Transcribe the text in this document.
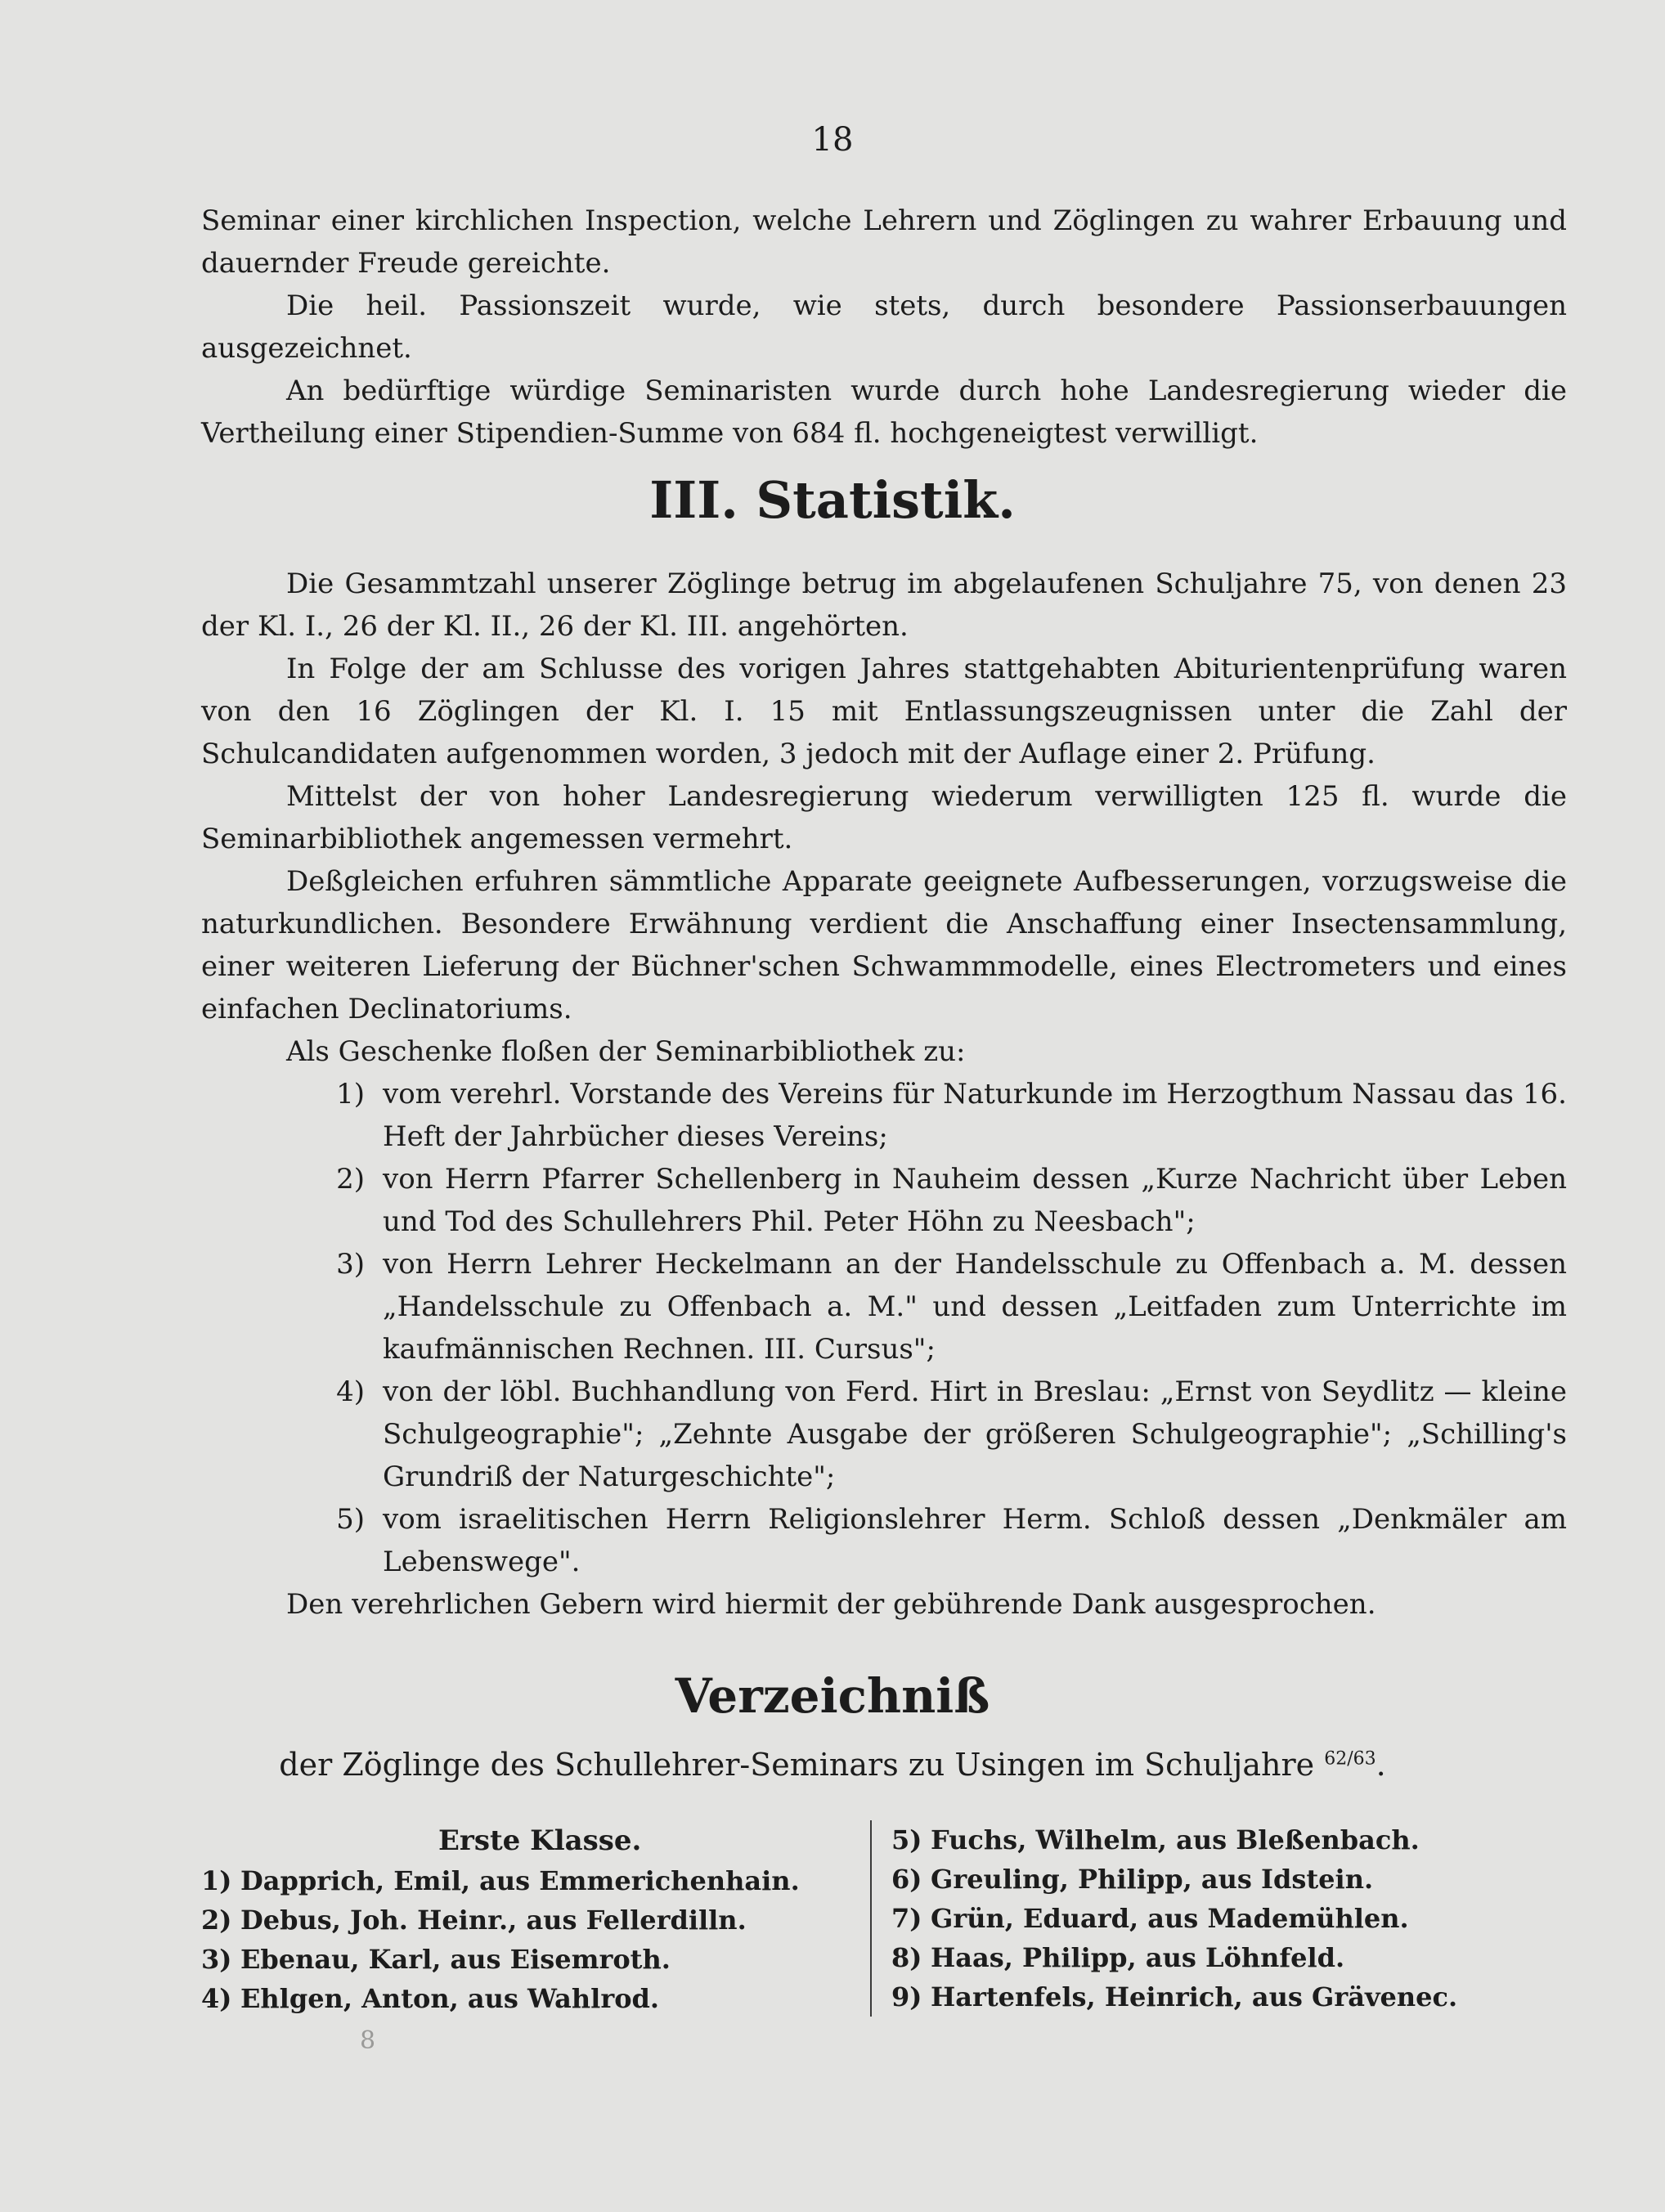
18

Seminar einer kirchlichen Inspection, welche Lehrern und Zöglingen zu wahrer Erbauung und dauernder Freude gereichte.

Die heil. Passionszeit wurde, wie stets, durch besondere Passionserbauungen ausgezeichnet.

An bedürftige würdige Seminaristen wurde durch hohe Landesregierung wieder die Vertheilung einer Stipendien-Summe von 684 fl. hochgeneigtest verwilligt.

III. Statistik.

Die Gesammtzahl unserer Zöglinge betrug im abgelaufenen Schuljahre 75, von denen 23 der Kl. I., 26 der Kl. II., 26 der Kl. III. angehörten.

In Folge der am Schlusse des vorigen Jahres stattgehabten Abiturientenprüfung waren von den 16 Zöglingen der Kl. I. 15 mit Entlassungszeugnissen unter die Zahl der Schulcandidaten aufgenommen worden, 3 jedoch mit der Auflage einer 2. Prüfung.

Mittelst der von hoher Landesregierung wiederum verwilligten 125 fl. wurde die Seminarbibliothek angemessen vermehrt.

Deßgleichen erfuhren sämmtliche Apparate geeignete Aufbesserungen, vorzugsweise die naturkundlichen. Besondere Erwähnung verdient die Anschaffung einer Insectensammlung, einer weiteren Lieferung der Büchner'schen Schwammmodelle, eines Electrometers und eines einfachen Declinatoriums.

Als Geschenke floßen der Seminarbibliothek zu:

1) vom verehrl. Vorstande des Vereins für Naturkunde im Herzogthum Nassau das 16. Heft der Jahrbücher dieses Vereins;
2) von Herrn Pfarrer Schellenberg in Nauheim dessen „Kurze Nachricht über Leben und Tod des Schullehrers Phil. Peter Höhn zu Neesbach";
3) von Herrn Lehrer Heckelmann an der Handelsschule zu Offenbach a. M. dessen „Handelsschule zu Offenbach a. M." und dessen „Leitfaden zum Unterrichte im kaufmännischen Rechnen. III. Cursus";
4) von der löbl. Buchhandlung von Ferd. Hirt in Breslau: „Ernst von Seydlitz — kleine Schulgeographie"; „Zehnte Ausgabe der größeren Schulgeographie"; „Schilling's Grundriß der Naturgeschichte";
5) vom israelitischen Herrn Religionslehrer Herm. Schloß dessen „Denkmäler am Lebenswege".

Den verehrlichen Gebern wird hiermit der gebührende Dank ausgesprochen.

Verzeichniß
der Zöglinge des Schullehrer-Seminars zu Usingen im Schuljahre $^{62/63}$.
Erste Klasse.
1) Dapprich, Emil, aus Emmerichenhain.
2) Debus, Joh. Heinr., aus Fellerdilln.
3) Ebenau, Karl, aus Eisemroth.
4) Ehlgen, Anton, aus Wahlrod.
5) Fuchs, Wilhelm, aus Bleßenbach.
6) Greuling, Philipp, aus Idstein.
7) Grün, Eduard, aus Mademühlen.
8) Haas, Philipp, aus Löhnfeld.
9) Hartenfels, Heinrich, aus Grävenec.
8
